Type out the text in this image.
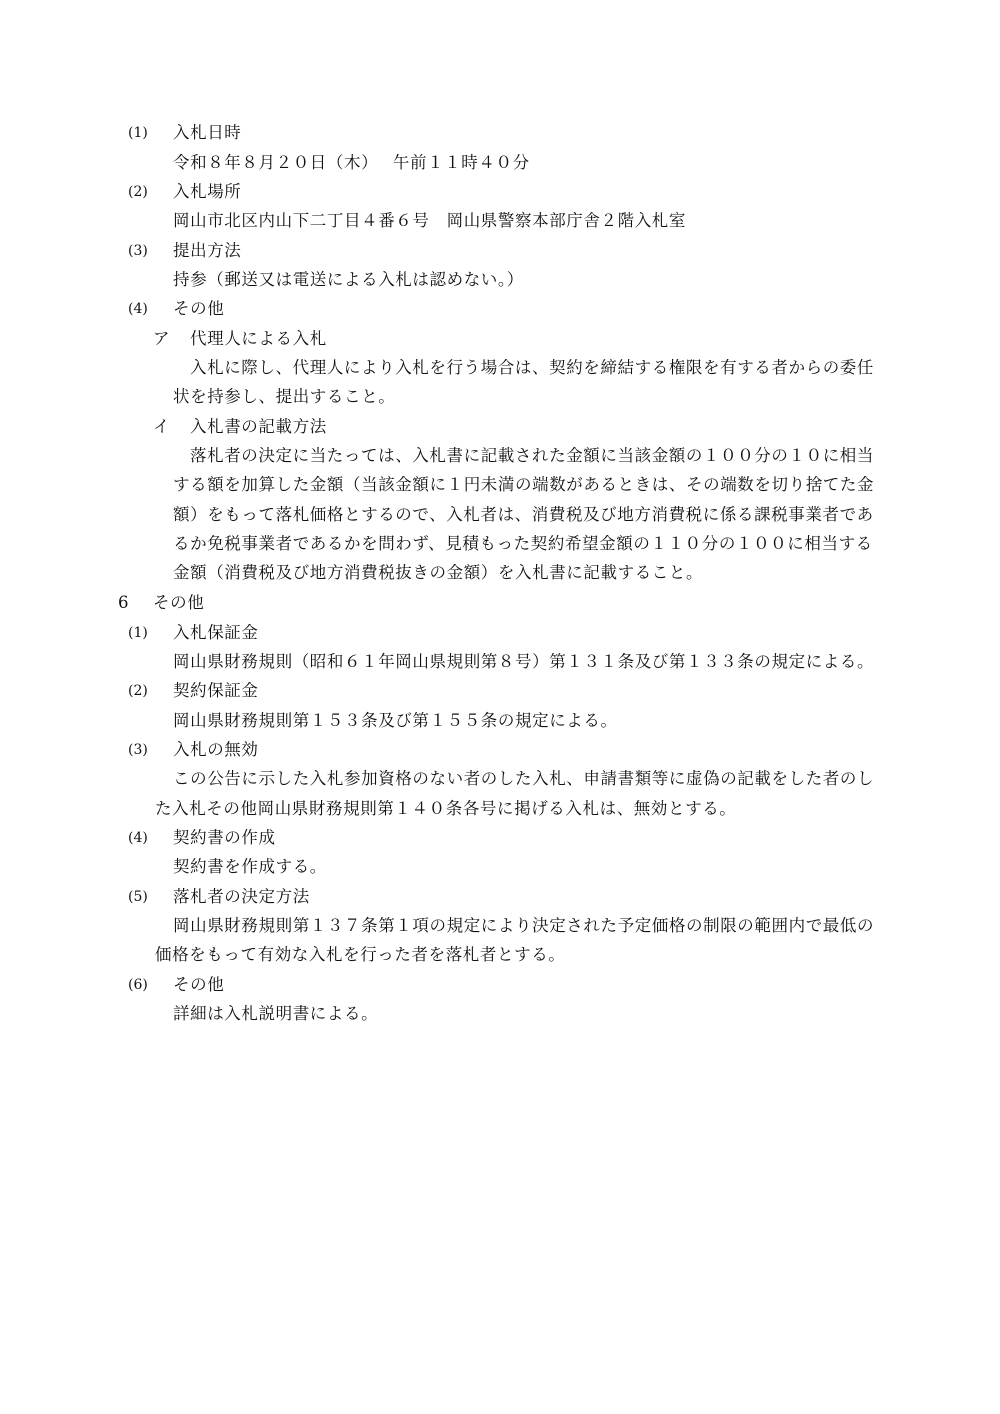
(1) 入札日時
令和８年８月２０日（木）　 午前１１時４０分
(2) 入札場所
岡山市北区内山下二丁目４番６号　岡山県警察本部庁舎２階入札室
(3) 提出方法
持参（郵送又は電送による入札は認めない。）
(4) その他
ア 代理人による入札
入札に際し、代理人により入札を行う場合は、契約を締結する権限を有する者からの委任
状を持参し、提出すること。
イ 入札書の記載方法
落札者の決定に当たっては、入札書に記載された金額に当該金額の１００分の１０に相当
する額を加算した金額（当該金額に１円未満の端数があるときは、その端数を切り捨てた金
額）をもって落札価格とするので、入札者は、消費税及び地方消費税に係る課税事業者であ
るか免税事業者であるかを問わず、見積もった契約希望金額の１１０分の１００に相当する
金額（消費税及び地方消費税抜きの金額）を入札書に記載すること。
6 その他
(1) 入札保証金
岡山県財務規則（昭和６１年岡山県規則第８号）第１３１条及び第１３３条の規定による。
(2) 契約保証金
岡山県財務規則第１５３条及び第１５５条の規定による。
(3) 入札の無効
この公告に示した入札参加資格のない者のした入札、申請書類等に虚偽の記載をした者のし
た入札その他岡山県財務規則第１４０条各号に掲げる入札は、無効とする。
(4) 契約書の作成
契約書を作成する。
(5) 落札者の決定方法
岡山県財務規則第１３７条第１項の規定により決定された予定価格の制限の範囲内で最低の
価格をもって有効な入札を行った者を落札者とする。
(6) その他
詳細は入札説明書による。
